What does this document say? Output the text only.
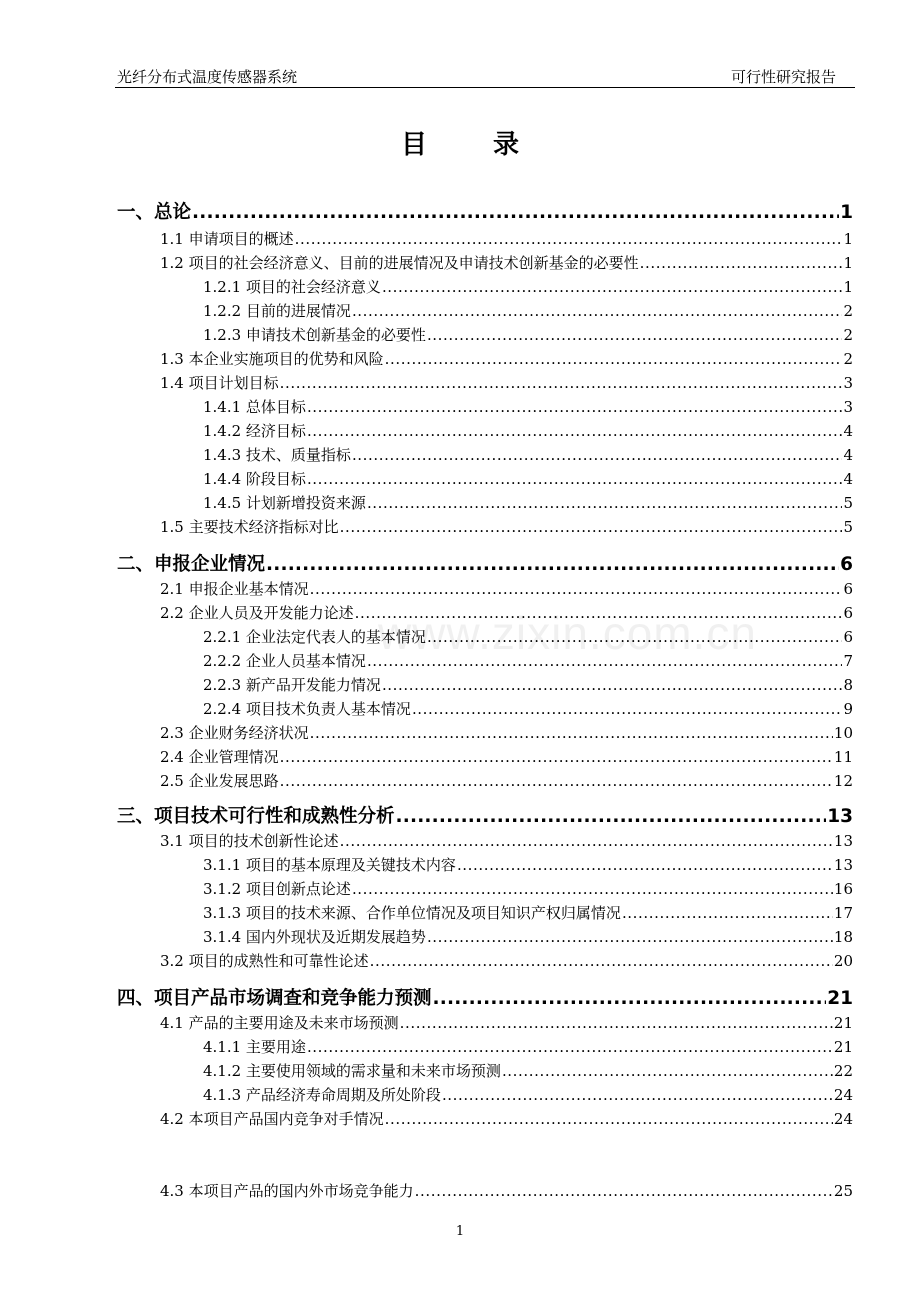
光纤分布式温度传感器系统	可行性研究报告
目	录
www.zixin.com.cn
一、总论 .....	1
1.1 申请项目的概述 .....	1
1.2 项目的社会经济意义、目前的进展情况及申请技术创新基金的必要性 .....	1
1.2.1 项目的社会经济意义 .....	1
1.2.2 目前的进展情况 .....	2
1.2.3 申请技术创新基金的必要性 .....	2
1.3 本企业实施项目的优势和风险 .....	2
1.4 项目计划目标 .....	3
1.4.1 总体目标 .....	3
1.4.2 经济目标 .....	4
1.4.3 技术、质量指标 .....	4
1.4.4 阶段目标 .....	4
1.4.5 计划新增投资来源 .....	5
1.5 主要技术经济指标对比 .....	5
二、申报企业情况 .....	6
2.1 申报企业基本情况 .....	6
2.2 企业人员及开发能力论述 .....	6
2.2.1 企业法定代表人的基本情况 .....	6
2.2.2 企业人员基本情况 .....	7
2.2.3 新产品开发能力情况 .....	8
2.2.4 项目技术负责人基本情况 .....	9
2.3 企业财务经济状况 .....	10
2.4 企业管理情况 .....	11
2.5 企业发展思路 .....	12
三、项目技术可行性和成熟性分析 .....	13
3.1 项目的技术创新性论述 .....	13
3.1.1 项目的基本原理及关键技术内容 .....	13
3.1.2 项目创新点论述 .....	16
3.1.3 项目的技术来源、合作单位情况及项目知识产权归属情况 .....	17
3.1.4 国内外现状及近期发展趋势 .....	18
3.2 项目的成熟性和可靠性论述 .....	20
四、项目产品市场调查和竞争能力预测 .....	21
4.1 产品的主要用途及未来市场预测 .....	21
4.1.1 主要用途 .....	21
4.1.2 主要使用领域的需求量和未来市场预测 .....	22
4.1.3 产品经济寿命周期及所处阶段 .....	24
4.2 本项目产品国内竞争对手情况 .....	24
4.3 本项目产品的国内外市场竞争能力 .....	25
1
